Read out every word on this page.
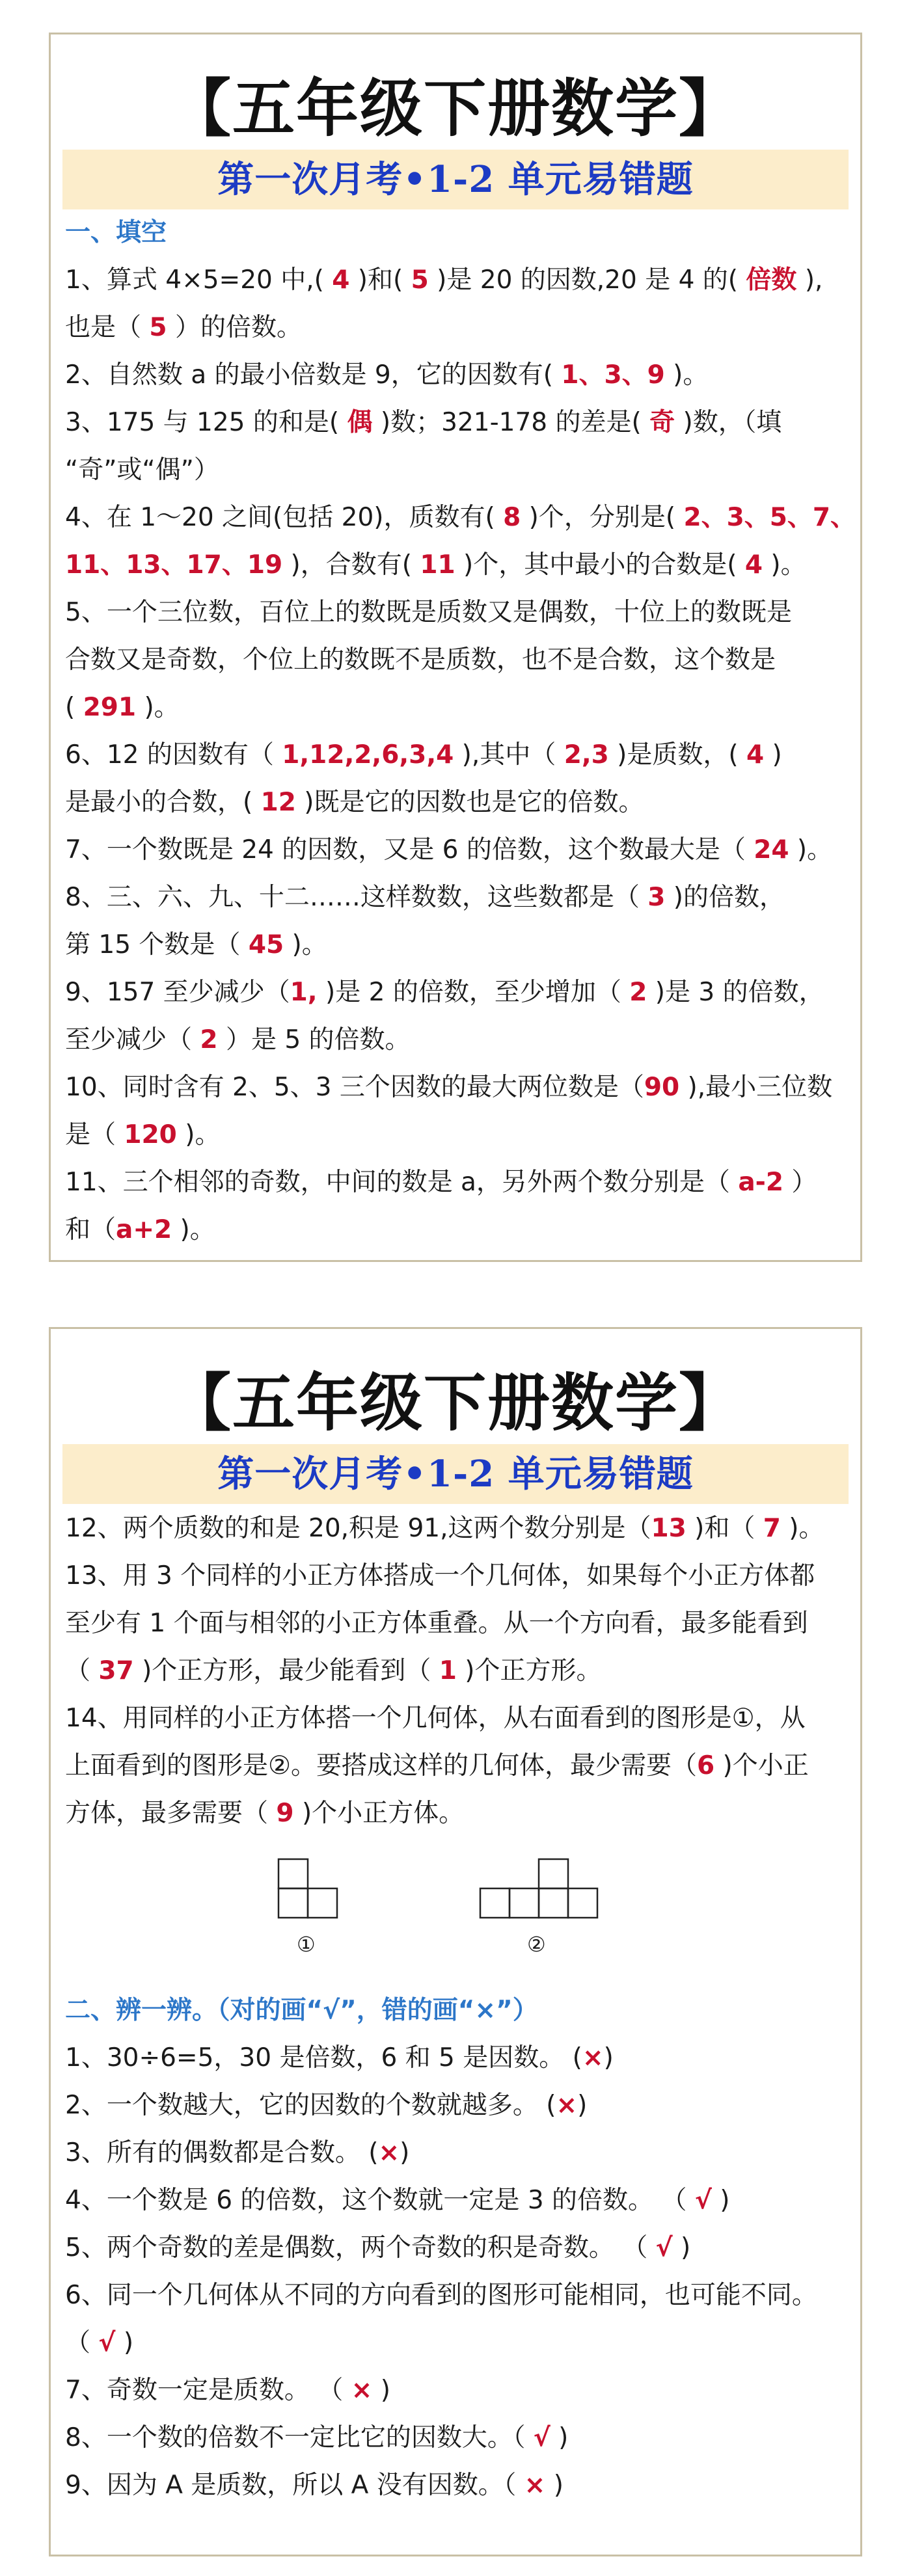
【五年级下册数学】
第一次月考•1-2 单元易错题
一、填空
1、算式 4×5=20 中,( 4 )和( 5 )是 20 的因数,20 是 4 的( 倍数 ),
也是（ 5 ）的倍数。
2、自然数 a 的最小倍数是 9，它的因数有( 1、3、9 )。
3、175 与 125 的和是( 偶 )数；321-178 的差是( 奇 )数，（填
“奇”或“偶”）
4、在 1～20 之间(包括 20)，质数有( 8 )个，分别是( 2、3、5、7、
11、13、17、19 )，合数有( 11 )个，其中最小的合数是( 4 )。
5、一个三位数，百位上的数既是质数又是偶数，十位上的数既是
合数又是奇数，个位上的数既不是质数，也不是合数，这个数是
( 291 )。
6、12 的因数有（ 1,12,2,6,3,4 ),其中（ 2,3 )是质数，( 4 )
是最小的合数，( 12 )既是它的因数也是它的倍数。
7、一个数既是 24 的因数，又是 6 的倍数，这个数最大是（ 24 )。
8、三、六、九、十二……这样数数，这些数都是（ 3 )的倍数，
第 15 个数是（ 45 )。
9、157 至少减少（1, )是 2 的倍数，至少增加（ 2 )是 3 的倍数，
至少减少（ 2 ）是 5 的倍数。
10、同时含有 2、5、3 三个因数的最大两位数是（90 ),最小三位数
是（ 120 )。
11、三个相邻的奇数，中间的数是 a，另外两个数分别是（ a-2 ）
和（a+2 )。
【五年级下册数学】
第一次月考•1-2 单元易错题
12、两个质数的和是 20,积是 91,这两个数分别是（13 )和（ 7 )。
13、用 3 个同样的小正方体搭成一个几何体，如果每个小正方体都
至少有 1 个面与相邻的小正方体重叠。从一个方向看，最多能看到
（ 37 )个正方形，最少能看到（ 1 )个正方形。
14、用同样的小正方体搭一个几何体，从右面看到的图形是①，从
上面看到的图形是②。要搭成这样的几何体，最少需要（6 )个小正
方体，最多需要（ 9 )个小正方体。
①	②
二、辨一辨。（对的画“√”，错的画“×”）
1、30÷6=5，30 是倍数，6 和 5 是因数。 (×)
2、一个数越大，它的因数的个数就越多。 (×)
3、所有的偶数都是合数。 (×)
4、一个数是 6 的倍数，这个数就一定是 3 的倍数。 （ √ )
5、两个奇数的差是偶数，两个奇数的积是奇数。 （ √ )
6、同一个几何体从不同的方向看到的图形可能相同，也可能不同。
（ √ )
7、奇数一定是质数。 （ × )
8、一个数的倍数不一定比它的因数大。（ √ )
9、因为 A 是质数，所以 A 没有因数。（ × )
